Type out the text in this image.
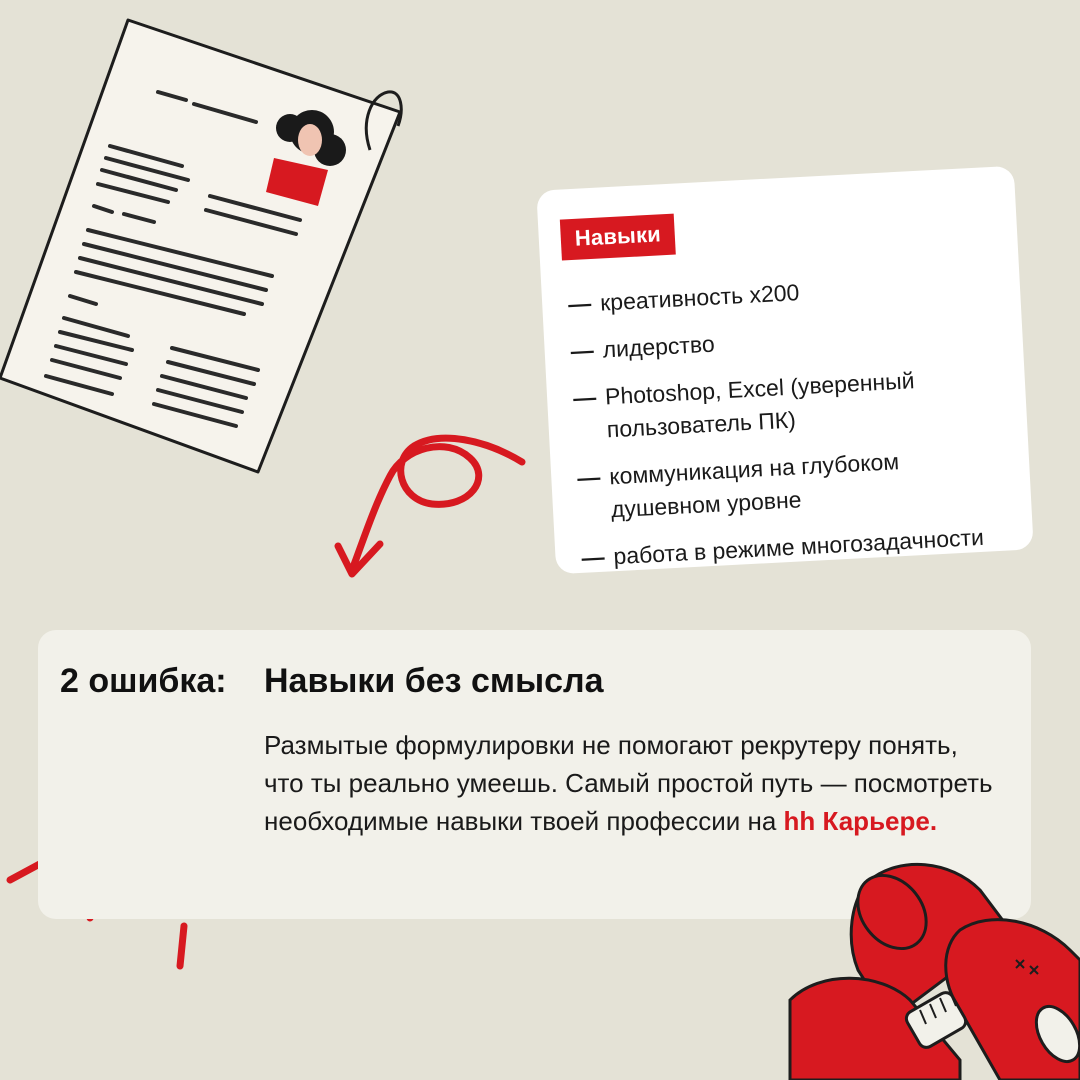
Навыки
— креативность х200
— лидерство
— Photoshop, Excel (уверенный пользователь ПК)
— коммуникация на глубоком душевном уровне
— работа в режиме многозадачности
2 ошибка: Навыки без смысла
Размытые формулировки не помогают рекрутеру понять, что ты реально умеешь. Самый простой путь — посмотреть необходимые навыки твоей профессии на hh Карьере.
